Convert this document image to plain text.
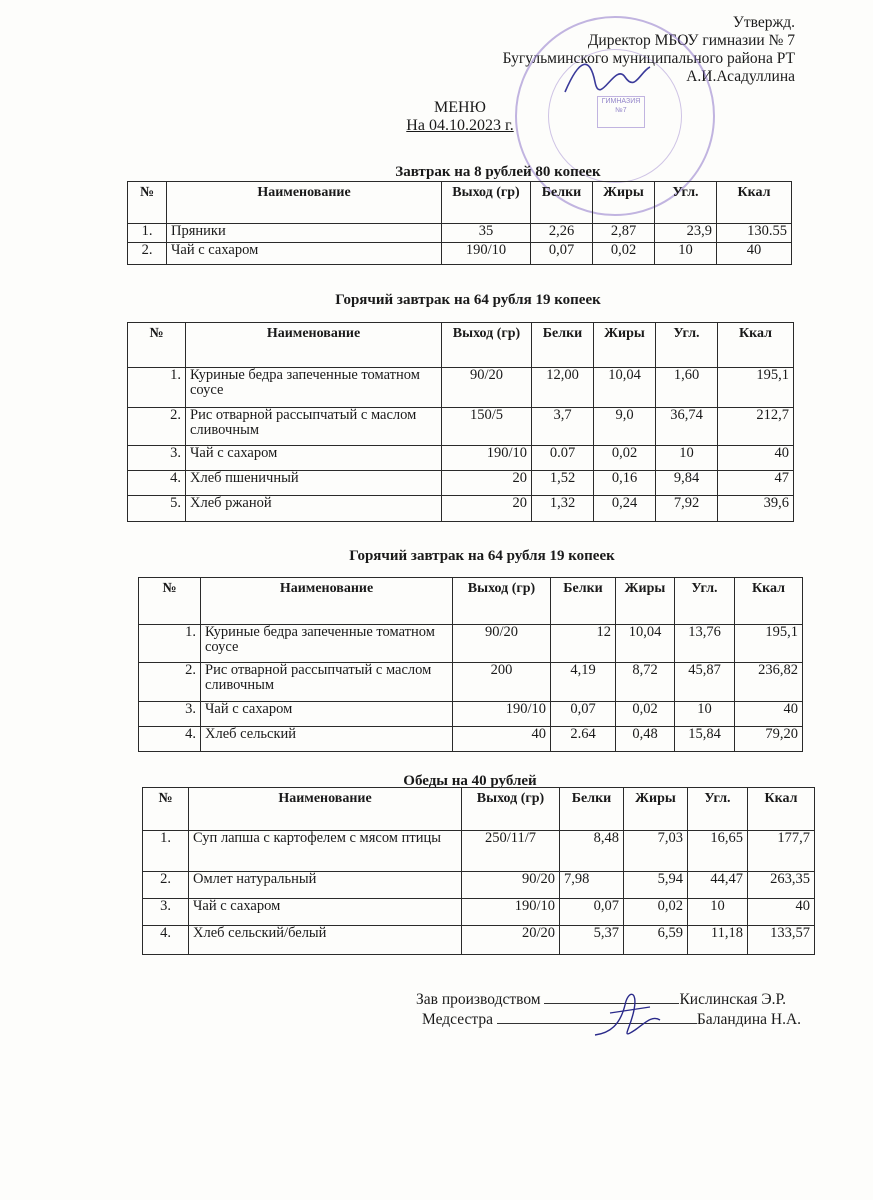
Утвержд.
Директор МБОУ гимназии № 7
Бугульминского муниципального района РТ
А.И.Асадуллина
ГИМНАЗИЯ №7
МЕНЮ
На 04.10.2023 г.
Завтрак на 8 рублей 80 копеек
№	Наименование	Выход (гр)	Белки	Жиры	Угл.	Ккал
1.	Пряники	35	2,26	2,87	23,9	130.55
2.	Чай с сахаром	190/10	0,07	0,02	10	40
Горячий завтрак на 64 рубля 19 копеек
№	Наименование	Выход (гр)	Белки	Жиры	Угл.	Ккал
1.	Куриные бедра запеченные томатном соусе	90/20	12,00	10,04	1,60	195,1
2.	Рис отварной рассыпчатый с маслом сливочным	150/5	3,7	9,0	36,74	212,7
3.	Чай с сахаром	190/10	0.07	0,02	10	40
4.	Хлеб пшеничный	20	1,52	0,16	9,84	47
5.	Хлеб ржаной	20	1,32	0,24	7,92	39,6
Горячий завтрак на 64 рубля 19 копеек
№	Наименование	Выход (гр)	Белки	Жиры	Угл.	Ккал
1.	Куриные бедра запеченные томатном соусе	90/20	12	10,04	13,76	195,1
2.	Рис отварной рассыпчатый с маслом сливочным	200	4,19	8,72	45,87	236,82
3.	Чай с сахаром	190/10	0,07	0,02	10	40
4.	Хлеб сельский	40	2.64	0,48	15,84	79,20
Обеды на 40 рублей
№	Наименование	Выход (гр)	Белки	Жиры	Угл.	Ккал
1.	Суп лапша с картофелем с мясом птицы	250/11/7	8,48	7,03	16,65	177,7
2.	Омлет натуральный	90/20	7,98	5,94	44,47	263,35
3.	Чай с сахаром	190/10	0,07	0,02	10	40
4.	Хлеб сельский/белый	20/20	5,37	6,59	11,18	133,57
Зав производством	Кислинская Э.Р.
Медсестра	Баландина Н.А.
